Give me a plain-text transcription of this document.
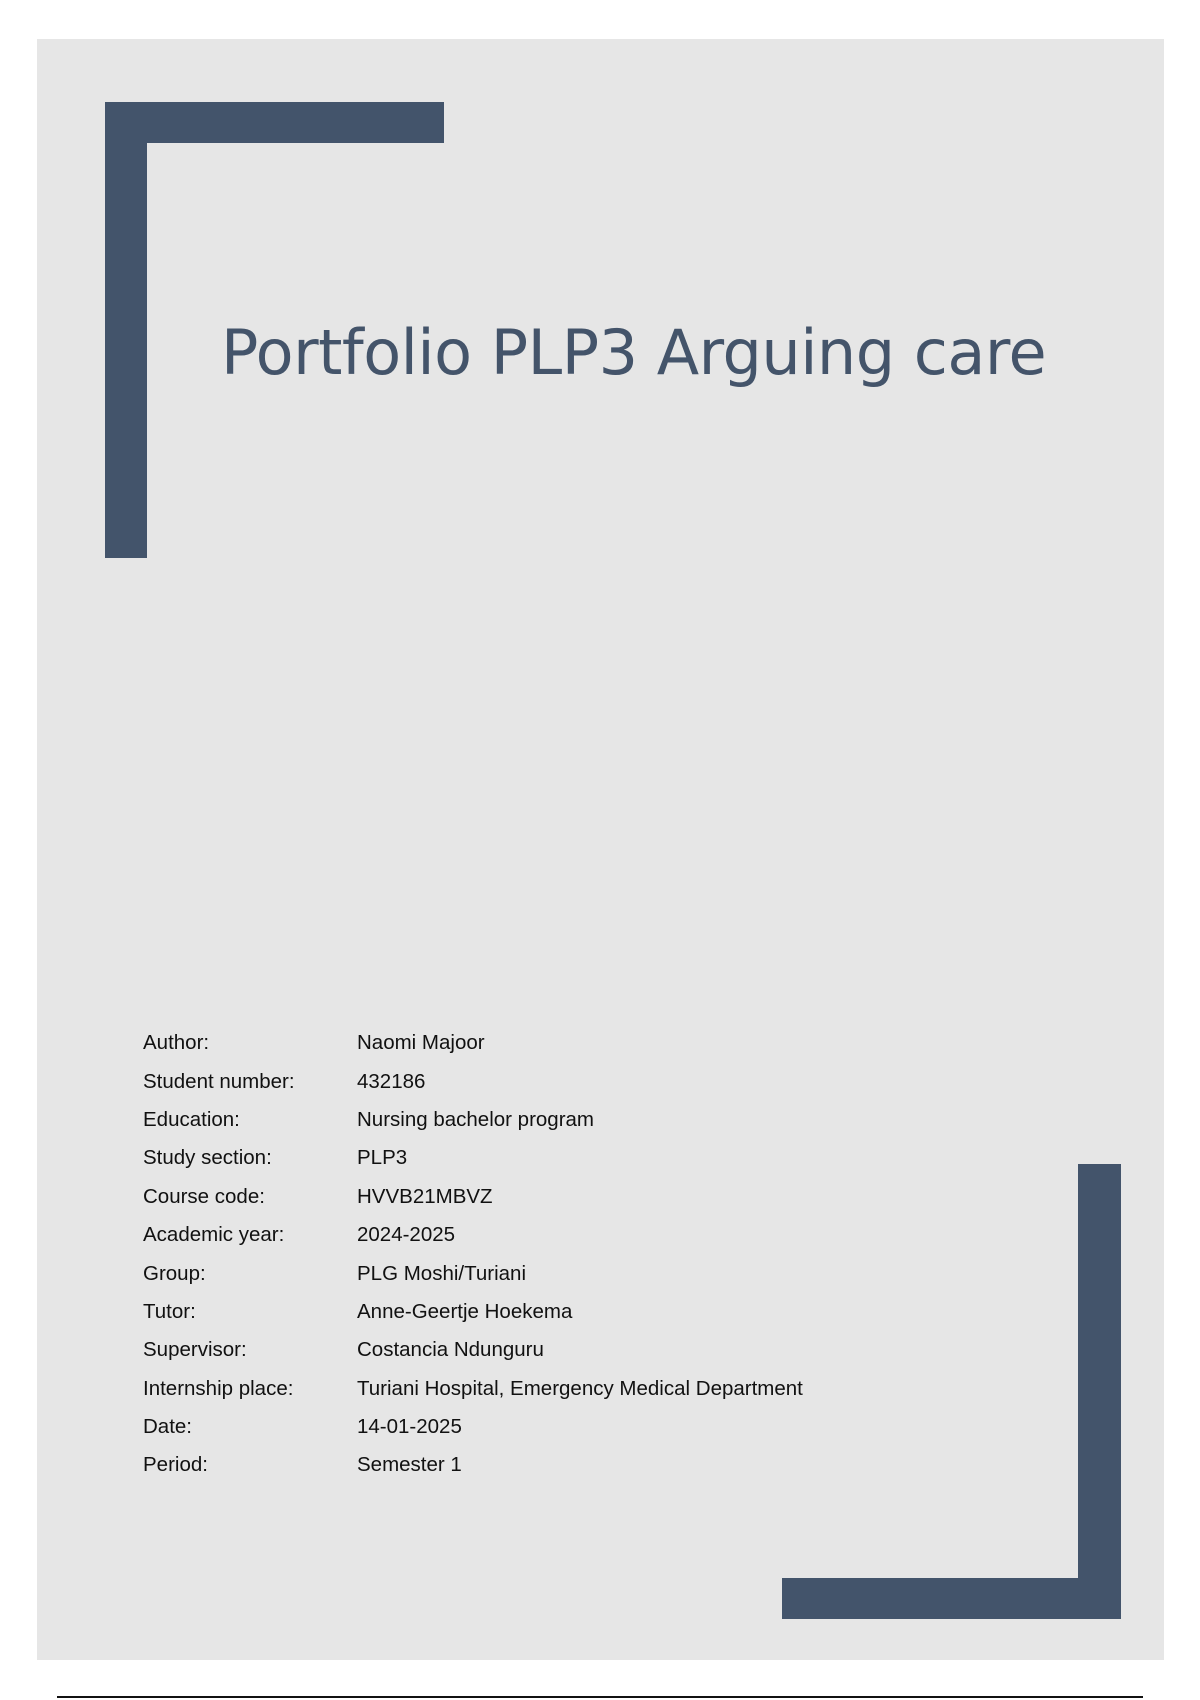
Portfolio PLP3 Arguing care
Author:	Naomi Majoor
Student number:	432186
Education:	Nursing bachelor program
Study section:	PLP3
Course code:	HVVB21MBVZ
Academic year:	2024-2025
Group:	PLG Moshi/Turiani
Tutor:	Anne-Geertje Hoekema
Supervisor:	Costancia Ndunguru
Internship place:	Turiani Hospital, Emergency Medical Department
Date:	14-01-2025
Period:	Semester 1
